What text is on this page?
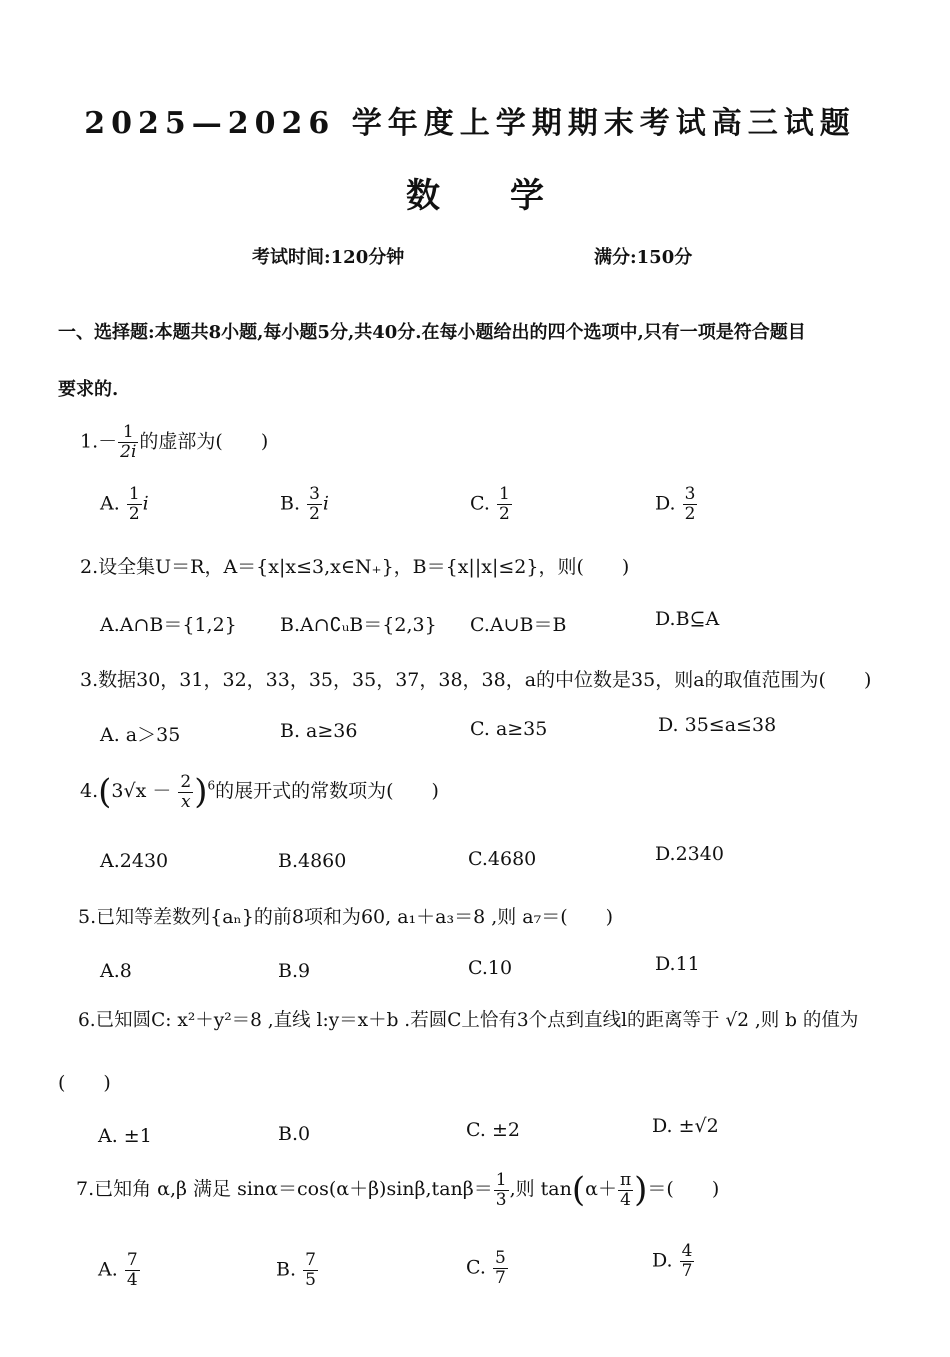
2025—2026 学年度上学期期末考试高三试题
数学
考试时间:120分钟	满分:150分
一、选择题:本题共8小题,每小题5分,共40分.在每小题给出的四个选项中,只有一项是符合题目
要求的.
$1.- \frac{1}{2i}$ 的虚部为(　　)
A. $\frac{1}{2}$ i	B. $\frac{3}{2}$ i	C. $\frac{1}{2}$	D. $\frac{3}{2}$
2.设全集U＝R，A＝{x|x≤3,x∈N₊}，B＝{x||x|≤2}，则(　　)
A.A∩B＝{1,2} B.A∩∁ᵤB＝{2,3} C.A∪B＝B	D.B⊆A
3.数据30，31，32，33，35，35，37，38，38，a的中位数是35，则a的取值范围为(　　)
A. a＞35	B. a≥36	C. a≥35	D. 35≤a≤38
$4.(3√x - \frac{2}{x} )^6$的展开式的常数项为(　　)
A.2430	B.4860	C.4680	D.2340
5.已知等差数列{aₙ}的前8项和为60, a₁＋a₃＝8 ,则 a₇＝(　　)
A.8	B.9	C.10	D.11
6.已知圆C: x²＋y²＝8 ,直线 l:y＝x＋b .若圆C上恰有3个点到直线l的距离等于 √2 ,则 b 的值为
(　　)
A. ±1	B.0	C. ±2	D. ±√2
7.已知角 α,β 满足 $\sin\alpha=\cos(\alpha+\beta)\sin\beta,\tan\beta= \frac{1}{3}$ ,则 $\tan(\alpha+ \frac{\pi}{4}$ )＝(　　)
A. $\frac{7}{4}$	B. $\frac{7}{5}$	C. $\frac{5}{7}$	D. $\frac{4}{7}$
